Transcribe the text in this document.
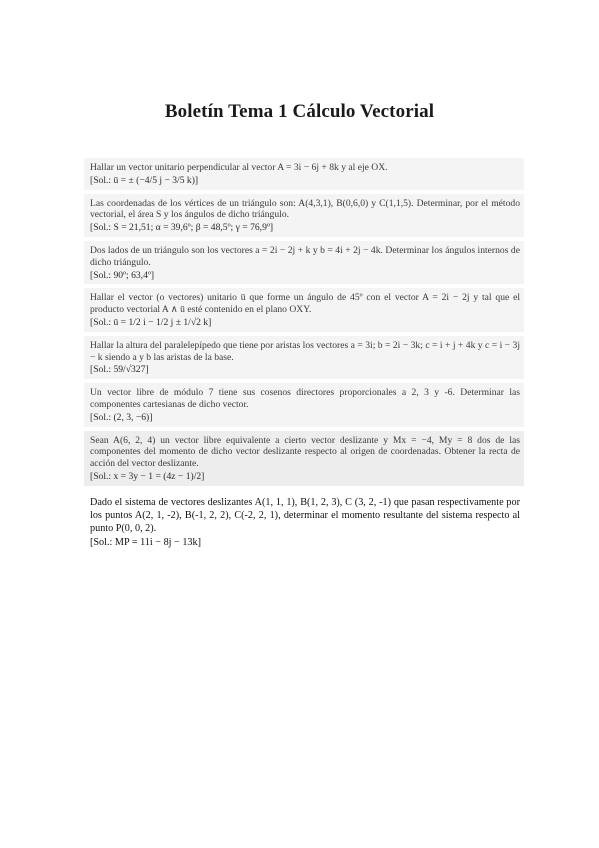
Boletín Tema 1 Cálculo Vectorial
Hallar un vector unitario perpendicular al vector A = 3i − 6j + 8k y al eje OX.
[Sol.: ū = ± (−4/5 j − 3/5 k)]
Las coordenadas de los vértices de un triángulo son: A(4,3,1), B(0,6,0) y C(1,1,5). Determinar, por el método vectorial, el área S y los ángulos de dicho triángulo.
[Sol.: S = 21,51; α = 39,6º; β = 48,5º; γ = 76,9º]
Dos lados de un triángulo son los vectores a = 2i − 2j + k y b = 4i + 2j − 4k. Determinar los ángulos internos de dicho triángulo.
[Sol.: 90º; 63,4º]
Hallar el vector (o vectores) unitario ū que forme un ángulo de 45º con el vector A = 2i − 2j y tal que el producto vectorial A ∧ ū esté contenido en el plano OXY.
[Sol.: ū = 1/2 i − 1/2 j ± 1/√2 k]
Hallar la altura del paralelepípedo que tiene por aristas los vectores a = 3i; b = 2i − 3k; c = i + j + 4k y c = i − 3j − k siendo a y b las aristas de la base.
[Sol.: 59/√327]
Un vector libre de módulo 7 tiene sus cosenos directores proporcionales a 2, 3 y -6. Determinar las componentes cartesianas de dicho vector.
[Sol.: (2, 3, −6)]
Sean A(6, 2, 4) un vector libre equivalente a cierto vector deslizante y Mx = −4, My = 8 dos de las componentes del momento de dicho vector deslizante respecto al origen de coordenadas. Obtener la recta de acción del vector deslizante.
[Sol.: x = 3y − 1 = (4z − 1)/2]
Dado el sistema de vectores deslizantes A(1, 1, 1), B(1, 2, 3), C (3, 2, -1) que pasan respectivamente por los puntos A(2, 1, -2), B(-1, 2, 2), C(-2, 2, 1), determinar el momento resultante del sistema respecto al punto P(0, 0, 2).
[Sol.: MP = 11i − 8j − 13k]
